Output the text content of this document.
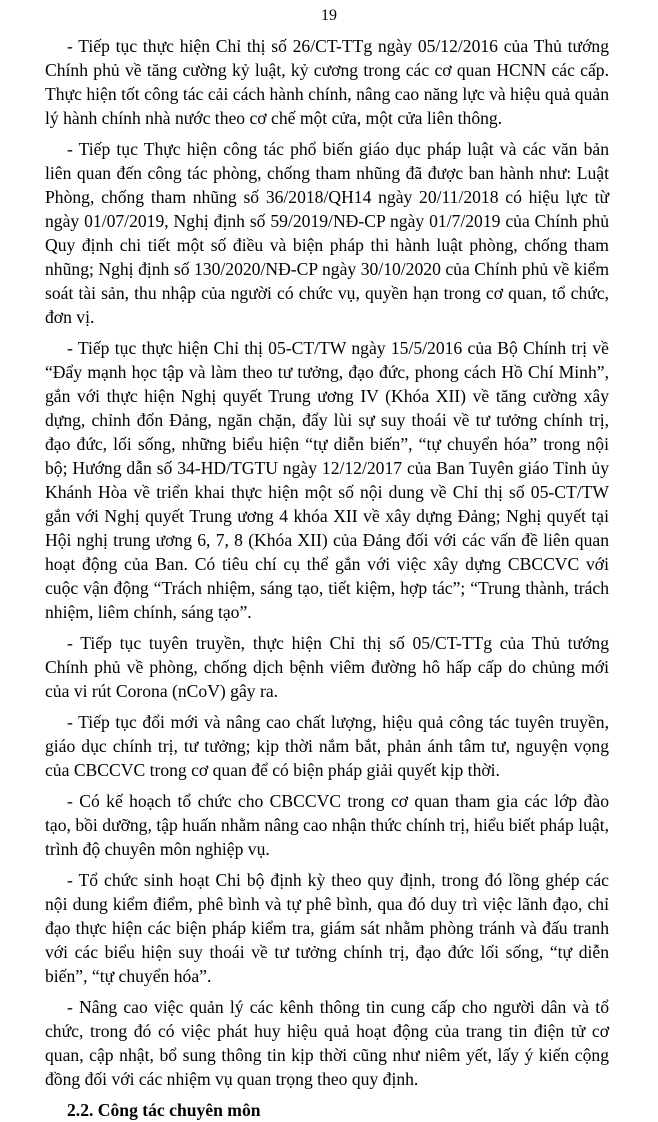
19

- Tiếp tục thực hiện Chỉ thị số 26/CT-TTg ngày 05/12/2016 của Thủ tướng Chính phủ về tăng cường kỷ luật, kỷ cương trong các cơ quan HCNN các cấp. Thực hiện tốt công tác cải cách hành chính, nâng cao năng lực và hiệu quả quản lý hành chính nhà nước theo cơ chế một cửa, một cửa liên thông.

- Tiếp tục Thực hiện công tác phổ biến giáo dục pháp luật và các văn bản liên quan đến công tác phòng, chống tham nhũng đã được ban hành như: Luật Phòng, chống tham nhũng số 36/2018/QH14 ngày 20/11/2018 có hiệu lực từ ngày 01/07/2019, Nghị định số 59/2019/NĐ-CP ngày 01/7/2019 của Chính phủ Quy định chi tiết một số điều và biện pháp thi hành luật phòng, chống tham nhũng; Nghị định số 130/2020/NĐ-CP ngày 30/10/2020 của Chính phủ về kiểm soát tài sản, thu nhập của người có chức vụ, quyền hạn trong cơ quan, tổ chức, đơn vị.

- Tiếp tục thực hiện Chỉ thị 05-CT/TW ngày 15/5/2016 của Bộ Chính trị về “Đẩy mạnh học tập và làm theo tư tưởng, đạo đức, phong cách Hồ Chí Minh”, gắn với thực hiện Nghị quyết Trung ương IV (Khóa XII) về tăng cường xây dựng, chỉnh đốn Đảng, ngăn chặn, đẩy lùi sự suy thoái về tư tưởng chính trị, đạo đức, lối sống, những biểu hiện “tự diễn biến”, “tự chuyển hóa” trong nội bộ; Hướng dẫn số 34-HD/TGTU ngày 12/12/2017 của Ban Tuyên giáo Tỉnh ủy Khánh Hòa về triển khai thực hiện một số nội dung về Chỉ thị số 05-CT/TW gắn với Nghị quyết Trung ương 4 khóa XII về xây dựng Đảng; Nghị quyết tại Hội nghị trung ương 6, 7, 8 (Khóa XII) của Đảng đối với các vấn đề liên quan hoạt động của Ban. Có tiêu chí cụ thể gắn với việc xây dựng CBCCVC với cuộc vận động “Trách nhiệm, sáng tạo, tiết kiệm, hợp tác”; “Trung thành, trách nhiệm, liêm chính, sáng tạo”.

- Tiếp tục tuyên truyền, thực hiện Chỉ thị số 05/CT-TTg của Thủ tướng Chính phủ về phòng, chống dịch bệnh viêm đường hô hấp cấp do chủng mới của vi rút Corona (nCoV) gây ra.

- Tiếp tục đổi mới và nâng cao chất lượng, hiệu quả công tác tuyên truyền, giáo dục chính trị, tư tưởng; kịp thời nắm bắt, phản ánh tâm tư, nguyện vọng của CBCCVC trong cơ quan để có biện pháp giải quyết kịp thời.

- Có kế hoạch tổ chức cho CBCCVC trong cơ quan tham gia các lớp đào tạo, bồi dưỡng, tập huấn nhằm nâng cao nhận thức chính trị, hiểu biết pháp luật, trình độ chuyên môn nghiệp vụ.

- Tổ chức sinh hoạt Chi bộ định kỳ theo quy định, trong đó lồng ghép các nội dung kiểm điểm, phê bình và tự phê bình, qua đó duy trì việc lãnh đạo, chỉ đạo thực hiện các biện pháp kiểm tra, giám sát nhằm phòng tránh và đấu tranh với các biểu hiện suy thoái về tư tưởng chính trị, đạo đức lối sống, “tự diễn biến”, “tự chuyển hóa”.

- Nâng cao việc quản lý các kênh thông tin cung cấp cho người dân và tổ chức, trong đó có việc phát huy hiệu quả hoạt động của trang tin điện tử cơ quan, cập nhật, bổ sung thông tin kịp thời cũng như niêm yết, lấy ý kiến cộng đồng đối với các nhiệm vụ quan trọng theo quy định.

2.2. Công tác chuyên môn
